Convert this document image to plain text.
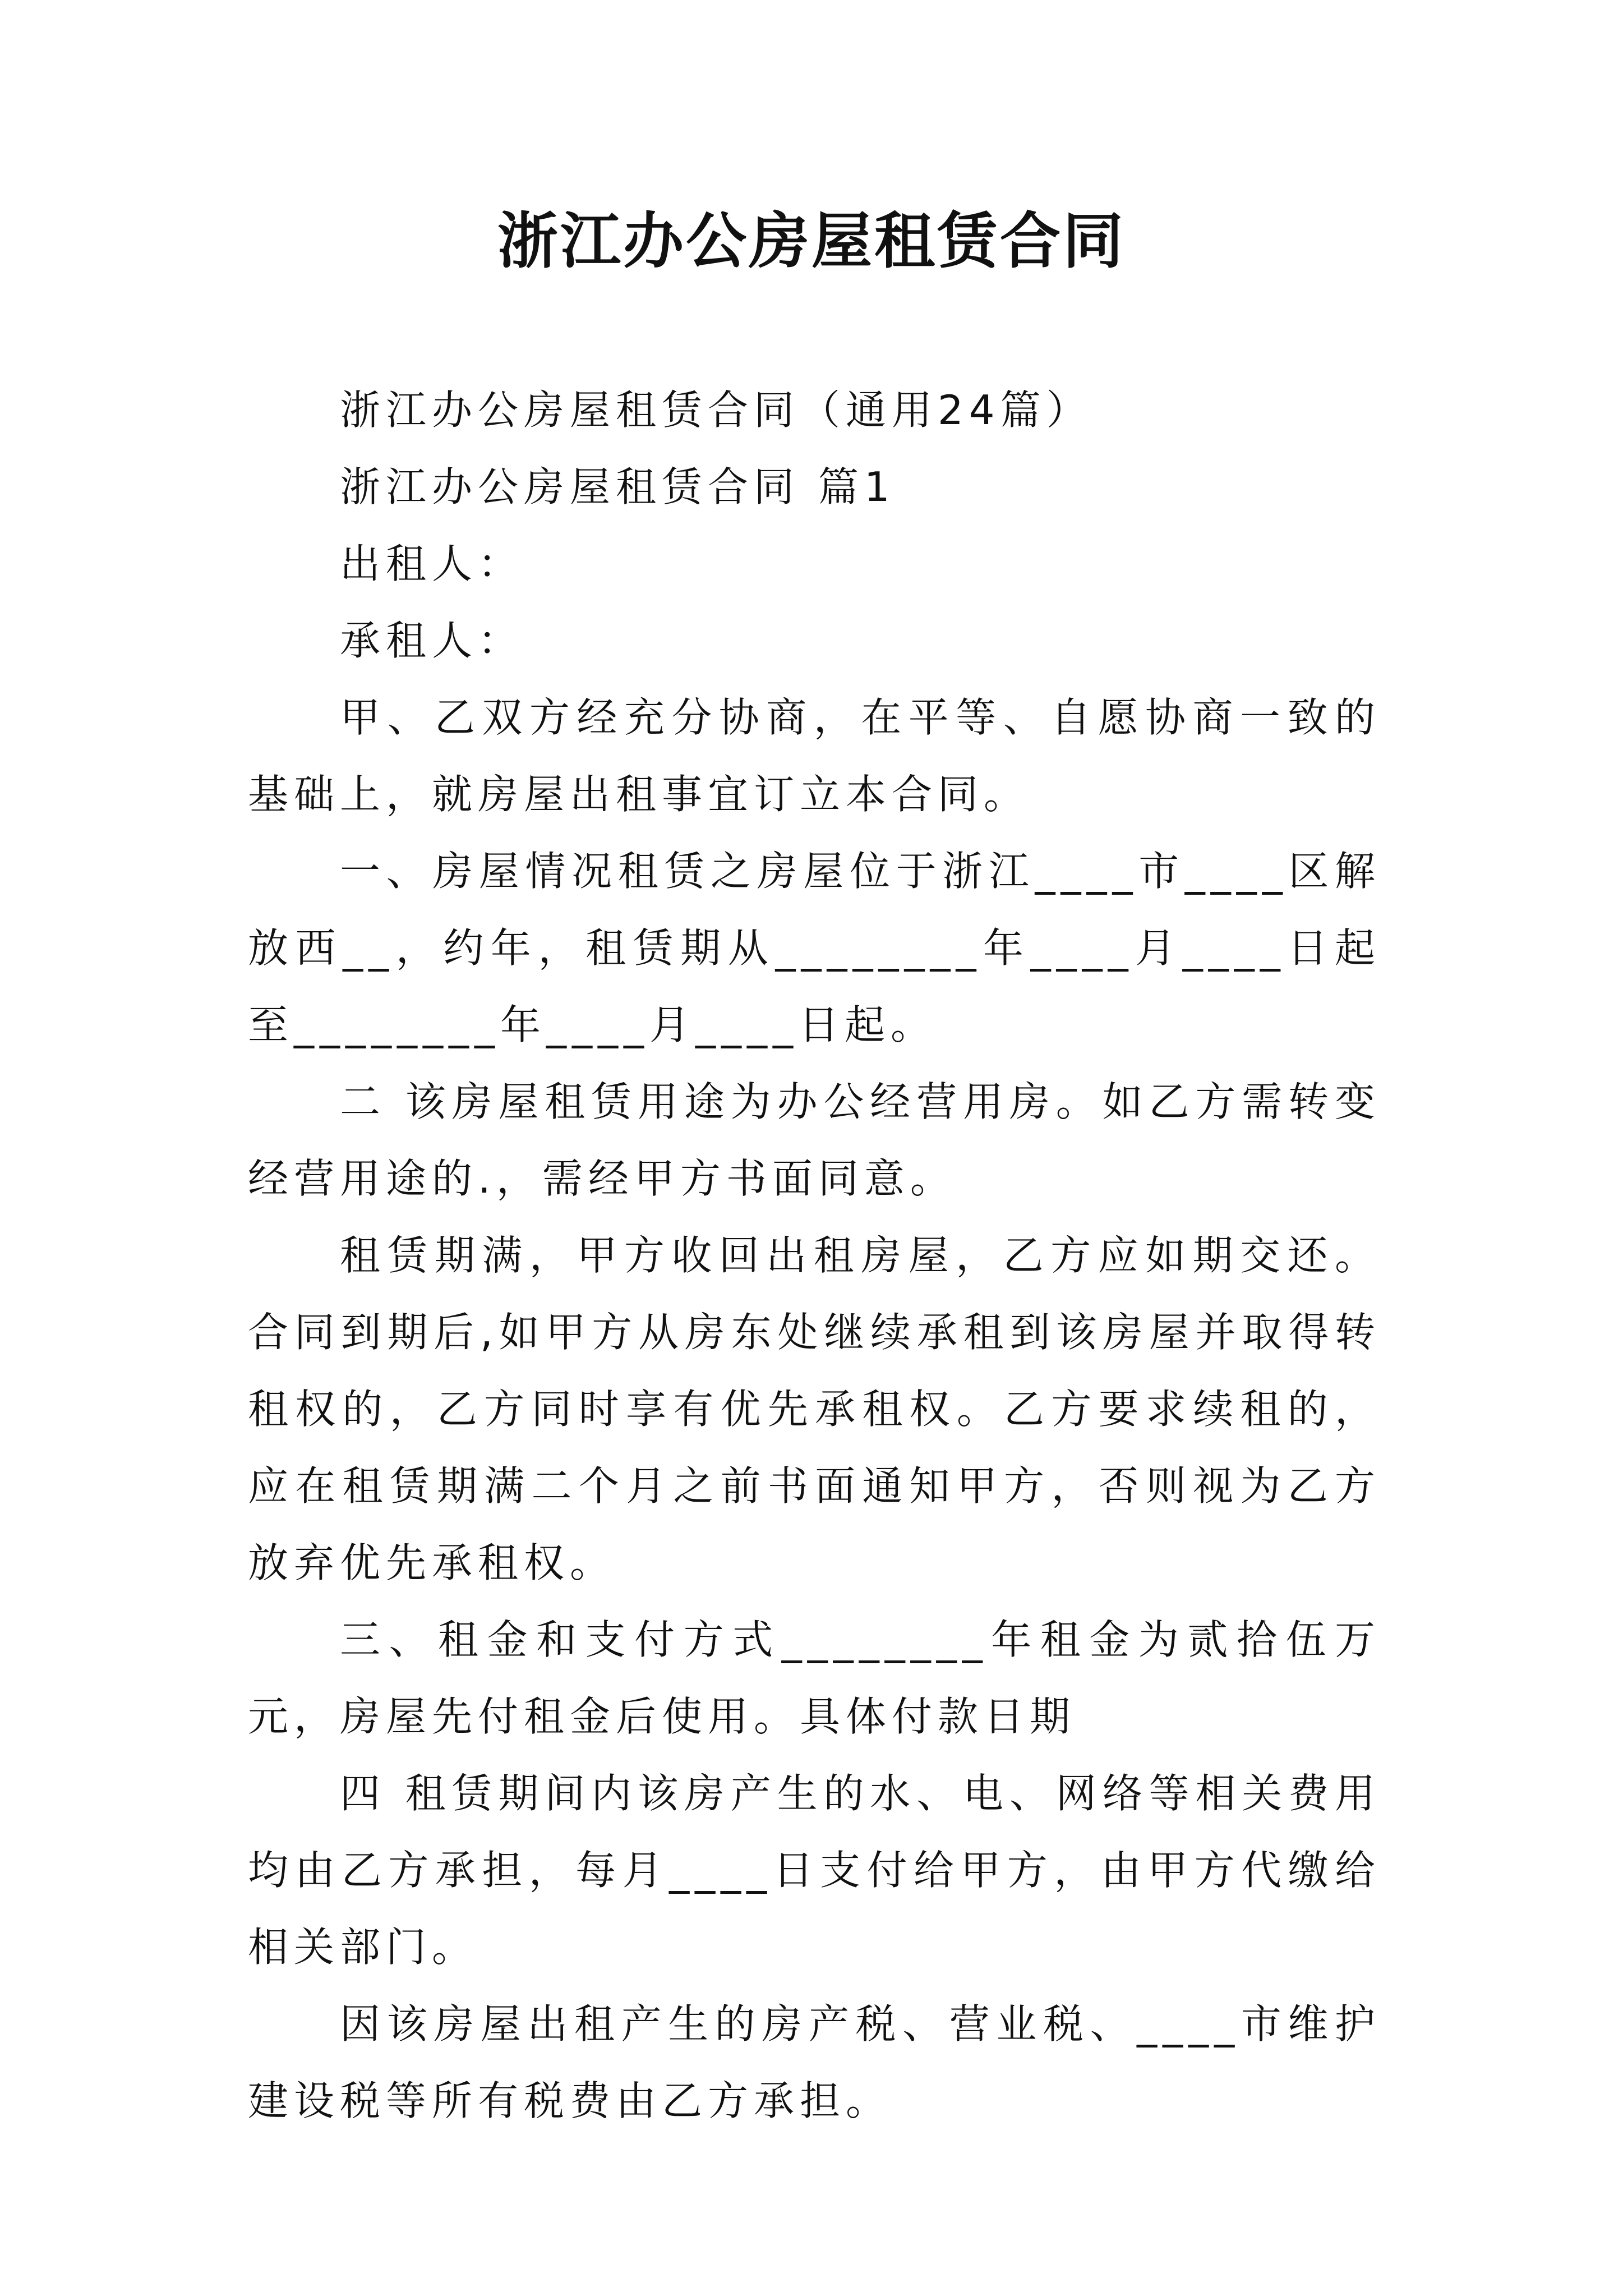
浙江办公房屋租赁合同

浙江办公房屋租赁合同（通用24篇）

浙江办公房屋租赁合同 篇1

出租人：

承租人：

甲、乙双方经充分协商，在平等、自愿协商一致的基础上，就房屋出租事宜订立本合同。

一、房屋情况租赁之房屋位于浙江____市____区解放西__，约年，租赁期从________年____月____日起至________年____月____日起。

二 该房屋租赁用途为办公经营用房。如乙方需转变经营用途的.，需经甲方书面同意。

租赁期满，甲方收回出租房屋，乙方应如期交还。合同到期后,如甲方从房东处继续承租到该房屋并取得转租权的，乙方同时享有优先承租权。乙方要求续租的，应在租赁期满二个月之前书面通知甲方，否则视为乙方放弃优先承租权。

三、租金和支付方式________年租金为贰拾伍万元，房屋先付租金后使用。具体付款日期

四 租赁期间内该房产生的水、电、网络等相关费用均由乙方承担，每月____日支付给甲方，由甲方代缴给相关部门。

因该房屋出租产生的房产税、营业税、____市维护建设税等所有税费由乙方承担。
